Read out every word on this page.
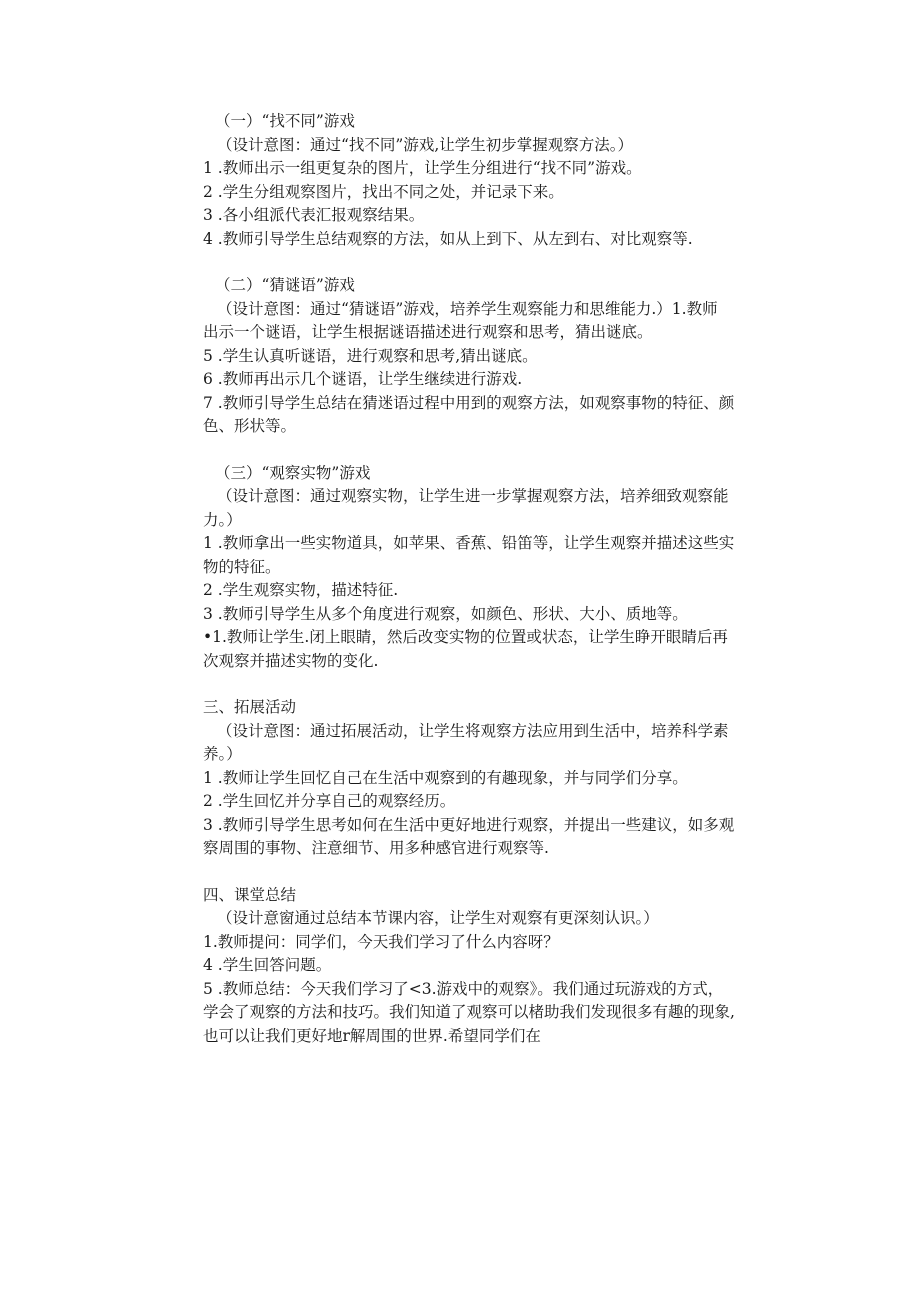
（一）“找不同”游戏
（设计意图：通过“找不同”游戏,让学生初步掌握观察方法。）
1 .教师出示一组更复杂的图片，让学生分组进行“找不同”游戏。
2 .学生分组观察图片，找出不同之处，并记录下来。
3 .各小组派代表汇报观察结果。
4 .教师引导学生总结观察的方法，如从上到下、从左到右、对比观察等.
（二）“猜谜语”游戏
（设计意图：通过“猜谜语”游戏，培养学生观察能力和思维能力.）1.教师
出示一个谜语，让学生根据谜语描述进行观察和思考，猜出谜底。
5 .学生认真听谜语，进行观察和思考,猜出谜底。
6 .教师再出示几个谜语，让学生继续进行游戏.
7 .教师引导学生总结在猜迷语过程中用到的观察方法，如观察事物的特征、颜
色、形状等。
（三）“观察实物”游戏
（设计意图：通过观察实物，让学生进一步掌握观察方法，培养细致观察能
力。）
1 .教师拿出一些实物道具，如苹果、香蕉、铅笛等，让学生观察并描述这些实
物的特征。
2 .学生观察实物，描述特征.
3 .教师引导学生从多个角度进行观察，如颜色、形状、大小、质地等。
•1.教师让学生.闭上眼睛，然后改变实物的位置或状态，让学生睁开眼睛后再
次观察并描述实物的变化.
三、拓展活动
（设计意图：通过拓展活动，让学生将观察方法应用到生活中，培养科学素
养。）
1 .教师让学生回忆自己在生活中观察到的有趣现象，并与同学们分享。
2 .学生回忆并分享自己的观察经历。
3 .教师引导学生思考如何在生活中更好地进行观察，并提出一些建议，如多观
察周围的事物、注意细节、用多种感官进行观察等.
四、课堂总结
（设计意窗通过总结本节课内容，让学生对观察有更深刻认识。）
1.教师提问：同学们，今天我们学习了什么内容呀？
4 .学生回答问题。
5 .教师总结：今天我们学习了<3.游戏中的观察》。我们通过玩游戏的方式，
学会了观察的方法和技巧。我们知道了观察可以楮助我们发现很多有趣的现象,
也可以让我们更好地r解周围的世界.希望同学们在
